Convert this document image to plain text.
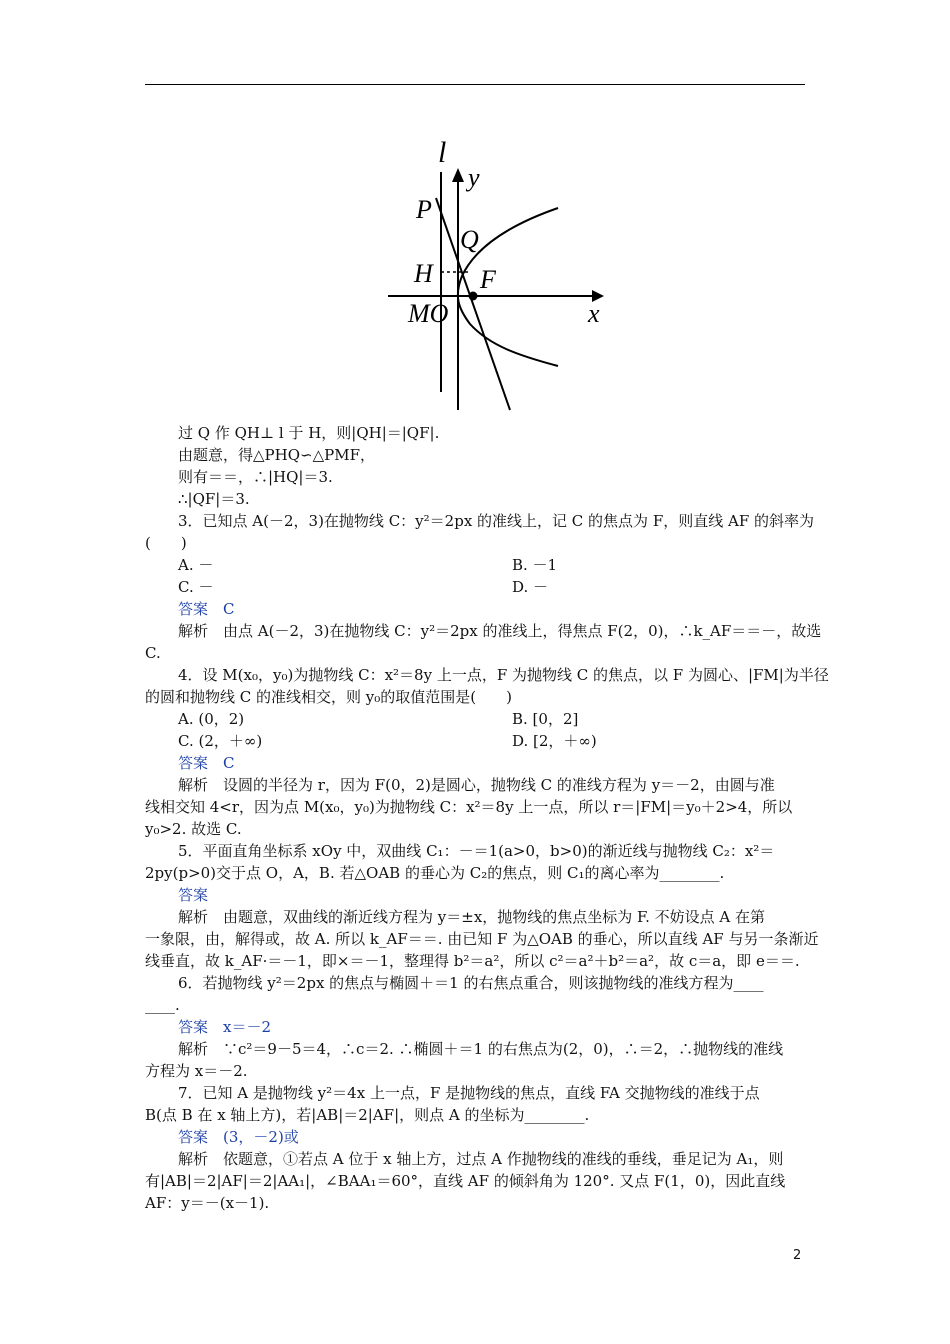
l
y
P
Q
H F
MO	x
过 Q 作 QH⊥ l 于 H，则|QH|＝|QF|.
由题意，得△PHQ∽△PMF，
则有＝＝，∴|HQ|＝3.
∴|QF|＝3.
3．已知点 A(－2，3)在抛物线 C：y²＝2px 的准线上，记 C 的焦点为 F，则直线 AF 的斜率为
(　　)
A. －	B. －1
C. －	D. －
答案　C
解析　由点 A(－2，3)在抛物线 C：y²＝2px 的准线上，得焦点 F(2，0)，∴k_AF＝＝－，故选
C.
4．设 M(x₀，y₀)为抛物线 C：x²＝8y 上一点，F 为抛物线 C 的焦点，以 F 为圆心、|FM|为半径
的圆和抛物线 C 的准线相交，则 y₀的取值范围是(　　)
A. (0，2)	B. [0，2]
C. (2，＋∞)	D. [2，＋∞)
答案　C
解析　设圆的半径为 r，因为 F(0，2)是圆心，抛物线 C 的准线方程为 y＝－2，由圆与准
线相交知 4<r，因为点 M(x₀，y₀)为抛物线 C：x²＝8y 上一点，所以 r＝|FM|＝y₀＋2>4，所以
y₀>2. 故选 C.
5．平面直角坐标系 xOy 中，双曲线 C₁：－＝1(a>0，b>0)的渐近线与抛物线 C₂：x²＝
2py(p>0)交于点 O，A，B. 若△OAB 的垂心为 C₂的焦点，则 C₁的离心率为________.
答案
解析　由题意，双曲线的渐近线方程为 y＝±x，抛物线的焦点坐标为 F. 不妨设点 A 在第
一象限，由，解得或，故 A. 所以 k_AF＝＝. 由已知 F 为△OAB 的垂心，所以直线 AF 与另一条渐近
线垂直，故 k_AF·＝－1，即×＝－1，整理得 b²＝a²，所以 c²＝a²＋b²＝a²，故 c＝a，即 e＝＝.
6．若抛物线 y²＝2px 的焦点与椭圆＋＝1 的右焦点重合，则该抛物线的准线方程为____
____.
答案　x＝－2
解析　∵c²＝9－5＝4，∴c＝2. ∴椭圆＋＝1 的右焦点为(2，0)，∴＝2，∴抛物线的准线
方程为 x＝－2.
7．已知 A 是抛物线 y²＝4x 上一点，F 是抛物线的焦点，直线 FA 交抛物线的准线于点
B(点 B 在 x 轴上方)，若|AB|＝2|AF|，则点 A 的坐标为________.
答案　(3，－2)或
解析　依题意，①若点 A 位于 x 轴上方，过点 A 作抛物线的准线的垂线，垂足记为 A₁，则
有|AB|＝2|AF|＝2|AA₁|，∠BAA₁＝60°，直线 AF 的倾斜角为 120°. 又点 F(1，0)，因此直线
AF：y＝－(x－1).
2
